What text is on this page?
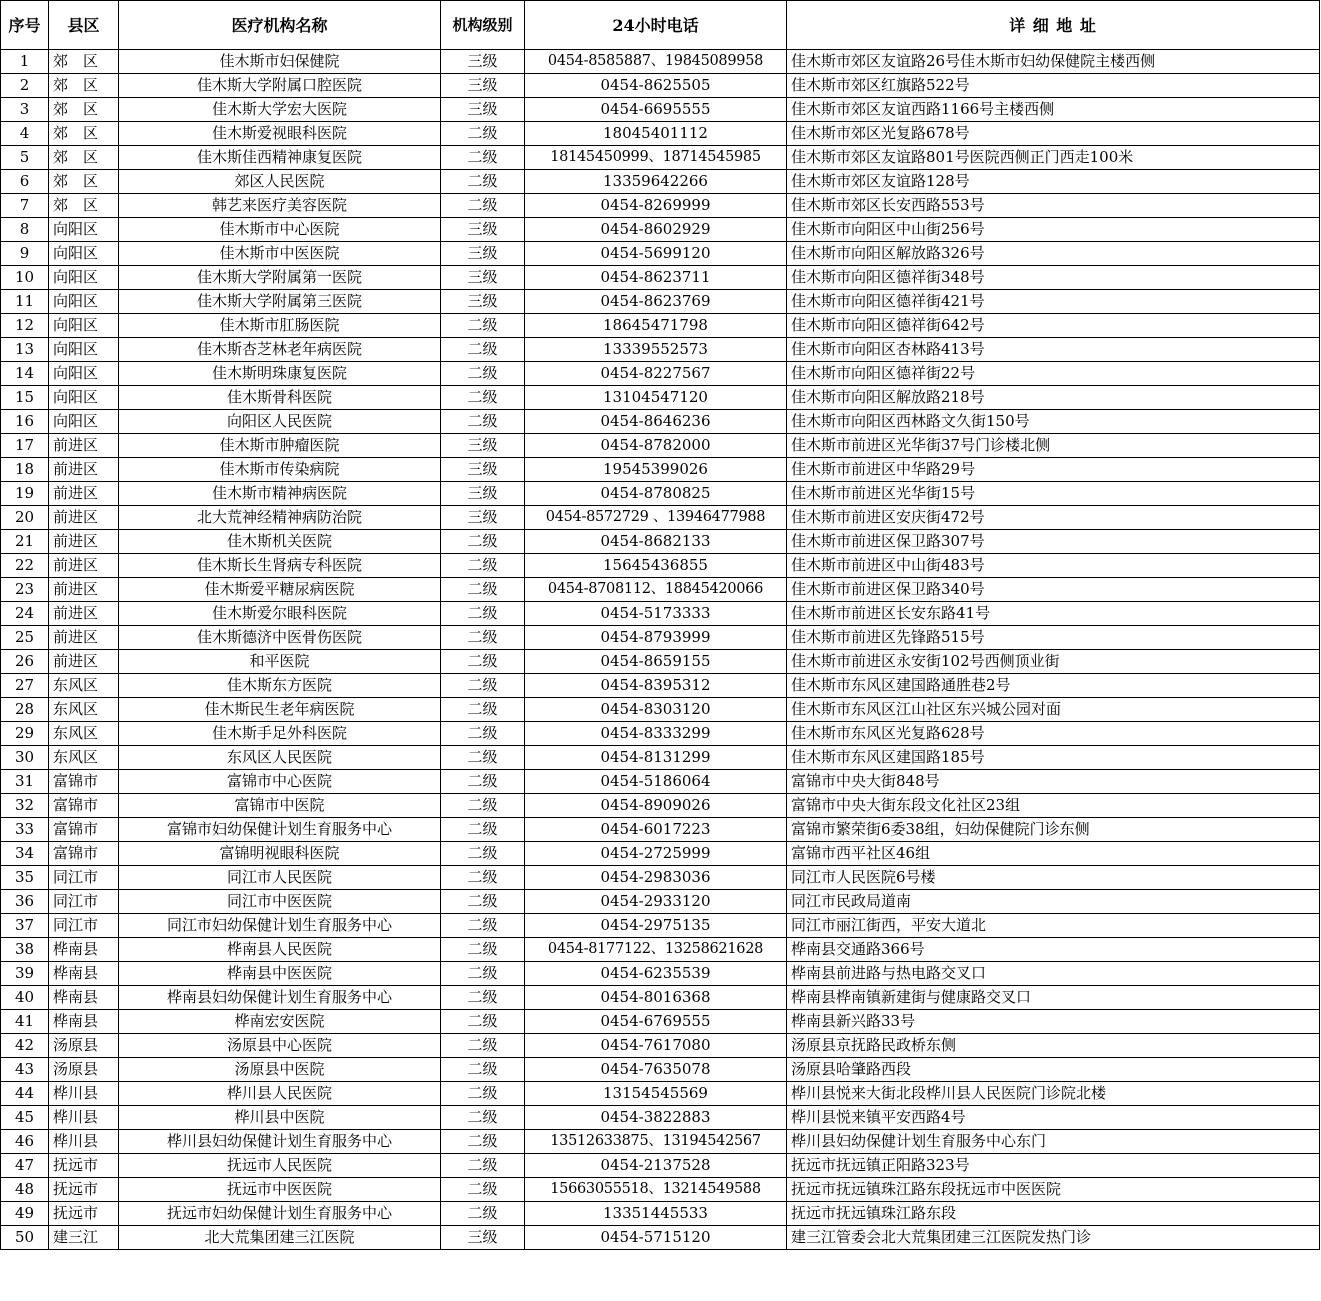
序号	县区	医疗机构名称	机构级别	24小时电话	详 细 地 址
1	郊　区	佳木斯市妇保健院	三级	0454-8585887、19845089958	佳木斯市郊区友谊路26号佳木斯市妇幼保健院主楼西侧
2	郊　区	佳木斯大学附属口腔医院	三级	0454-8625505	佳木斯市郊区红旗路522号
3	郊　区	佳木斯大学宏大医院	三级	0454-6695555	佳木斯市郊区友谊西路1166号主楼西侧
4	郊　区	佳木斯爱视眼科医院	二级	18045401112	佳木斯市郊区光复路678号
5	郊　区	佳木斯佳西精神康复医院	二级	18145450999、18714545985	佳木斯市郊区友谊路801号医院西侧正门西走100米
6	郊　区	郊区人民医院	二级	13359642266	佳木斯市郊区友谊路128号
7	郊　区	韩艺来医疗美容医院	二级	0454-8269999	佳木斯市郊区长安西路553号
8	向阳区	佳木斯市中心医院	三级	0454-8602929	佳木斯市向阳区中山街256号
9	向阳区	佳木斯市中医医院	三级	0454-5699120	佳木斯市向阳区解放路326号
10	向阳区	佳木斯大学附属第一医院	三级	0454-8623711	佳木斯市向阳区德祥街348号
11	向阳区	佳木斯大学附属第三医院	三级	0454-8623769	佳木斯市向阳区德祥街421号
12	向阳区	佳木斯市肛肠医院	二级	18645471798	佳木斯市向阳区德祥街642号
13	向阳区	佳木斯杏芝林老年病医院	二级	13339552573	佳木斯市向阳区杏林路413号
14	向阳区	佳木斯明珠康复医院	二级	0454-8227567	佳木斯市向阳区德祥街22号
15	向阳区	佳木斯骨科医院	二级	13104547120	佳木斯市向阳区解放路218号
16	向阳区	向阳区人民医院	二级	0454-8646236	佳木斯市向阳区西林路文久街150号
17	前进区	佳木斯市肿瘤医院	三级	0454-8782000	佳木斯市前进区光华街37号门诊楼北侧
18	前进区	佳木斯市传染病院	三级	19545399026	佳木斯市前进区中华路29号
19	前进区	佳木斯市精神病医院	三级	0454-8780825	佳木斯市前进区光华街15号
20	前进区	北大荒神经精神病防治院	三级	0454-8572729 、13946477988	佳木斯市前进区安庆街472号
21	前进区	佳木斯机关医院	二级	0454-8682133	佳木斯市前进区保卫路307号
22	前进区	佳木斯长生肾病专科医院	二级	15645436855	佳木斯市前进区中山街483号
23	前进区	佳木斯爱平糖尿病医院	二级	0454-8708112、18845420066	佳木斯市前进区保卫路340号
24	前进区	佳木斯爱尔眼科医院	二级	0454-5173333	佳木斯市前进区长安东路41号
25	前进区	佳木斯德济中医骨伤医院	二级	0454-8793999	佳木斯市前进区先锋路515号
26	前进区	和平医院	二级	0454-8659155	佳木斯市前进区永安街102号西侧顶业街
27	东风区	佳木斯东方医院	二级	0454-8395312	佳木斯市东风区建国路通胜巷2号
28	东风区	佳木斯民生老年病医院	二级	0454-8303120	佳木斯市东风区江山社区东兴城公园对面
29	东风区	佳木斯手足外科医院	二级	0454-8333299	佳木斯市东风区光复路628号
30	东风区	东风区人民医院	二级	0454-8131299	佳木斯市东风区建国路185号
31	富锦市	富锦市中心医院	二级	0454-5186064	富锦市中央大街848号
32	富锦市	富锦市中医院	二级	0454-8909026	富锦市中央大街东段文化社区23组
33	富锦市	富锦市妇幼保健计划生育服务中心	二级	0454-6017223	富锦市繁荣街6委38组，妇幼保健院门诊东侧
34	富锦市	富锦明视眼科医院	二级	0454-2725999	富锦市西平社区46组
35	同江市	同江市人民医院	二级	0454-2983036	同江市人民医院6号楼
36	同江市	同江市中医医院	二级	0454-2933120	同江市民政局道南
37	同江市	同江市妇幼保健计划生育服务中心	二级	0454-2975135	同江市丽江街西，平安大道北
38	桦南县	桦南县人民医院	二级	0454-8177122、13258621628	桦南县交通路366号
39	桦南县	桦南县中医医院	二级	0454-6235539	桦南县前进路与热电路交叉口
40	桦南县	桦南县妇幼保健计划生育服务中心	二级	0454-8016368	桦南县桦南镇新建街与健康路交叉口
41	桦南县	桦南宏安医院	二级	0454-6769555	桦南县新兴路33号
42	汤原县	汤原县中心医院	二级	0454-7617080	汤原县京抚路民政桥东侧
43	汤原县	汤原县中医院	二级	0454-7635078	汤原县哈肇路西段
44	桦川县	桦川县人民医院	二级	13154545569	桦川县悦来大街北段桦川县人民医院门诊院北楼
45	桦川县	桦川县中医院	二级	0454-3822883	桦川县悦来镇平安西路4号
46	桦川县	桦川县妇幼保健计划生育服务中心	二级	13512633875、13194542567	桦川县妇幼保健计划生育服务中心东门
47	抚远市	抚远市人民医院	二级	0454-2137528	抚远市抚远镇正阳路323号
48	抚远市	抚远市中医医院	二级	15663055518、13214549588	抚远市抚远镇珠江路东段抚远市中医医院
49	抚远市	抚远市妇幼保健计划生育服务中心	二级	13351445533	抚远市抚远镇珠江路东段
50	建三江	北大荒集团建三江医院	三级	0454-5715120	建三江管委会北大荒集团建三江医院发热门诊
